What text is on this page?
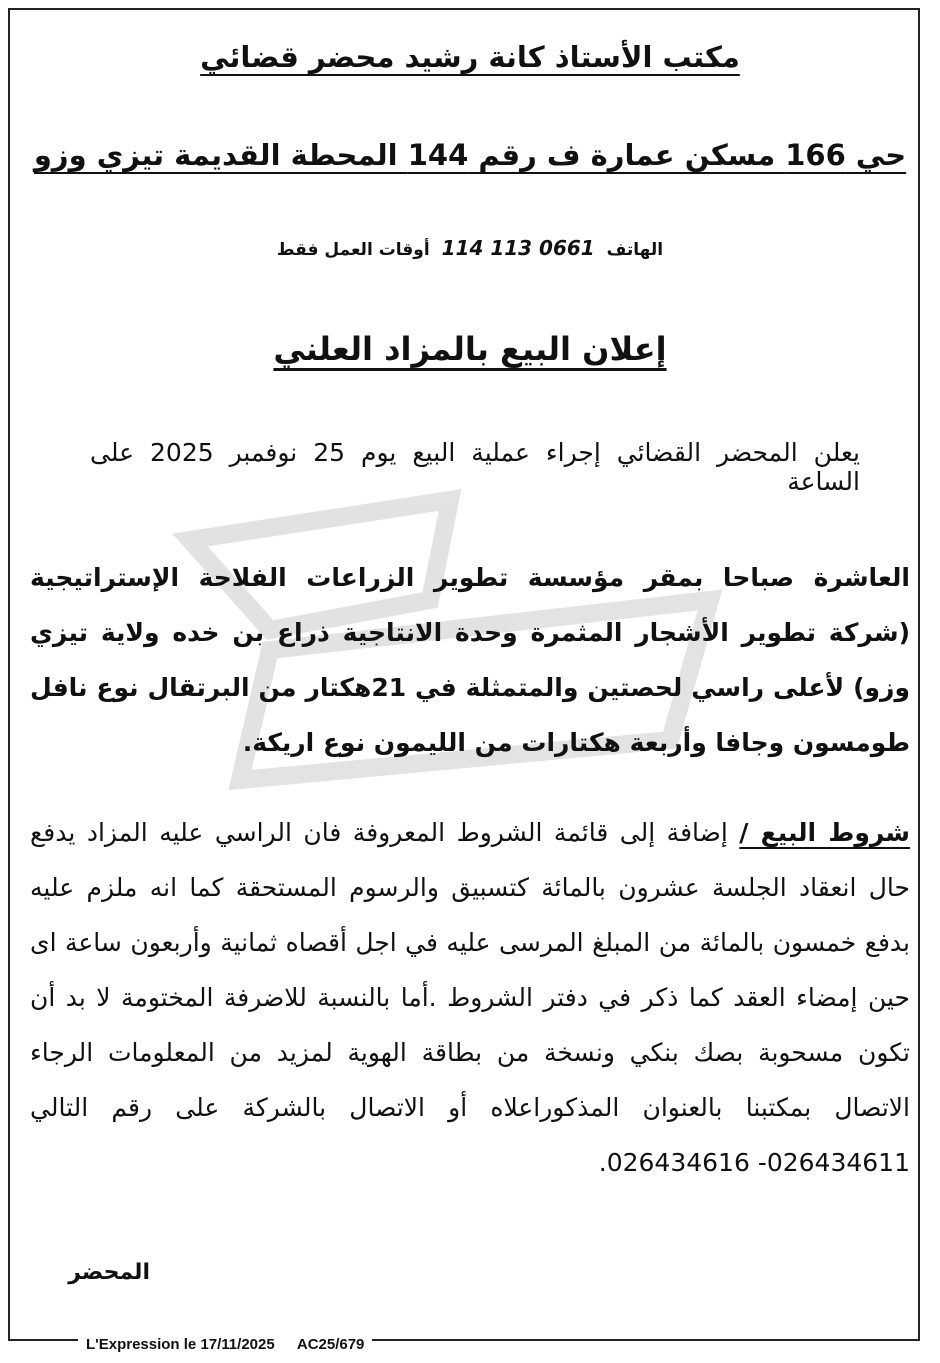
مكتب الأستاذ كانة رشيد محضر قضائي
حي 166 مسكن عمارة ف رقم 144 المحطة القديمة تيزي وزو
الهاتف 0661 113 114 أوقات العمل فقط
إعلان البيع بالمزاد العلني
يعلن المحضر القضائي إجراء عملية البيع يوم 25 نوفمبر 2025 على الساعة
العاشرة صباحا بمقر مؤسسة تطوير الزراعات الفلاحة الإستراتيجية (شركة تطوير الأشجار المثمرة وحدة الانتاجية ذراع بن خده ولاية تيزي وزو) لأعلى راسي لحصتين والمتمثلة في 21هكتار من البرتقال نوع نافل طومسون وجافا وأربعة هكتارات من الليمون نوع اريكة.
شروط البيع / إضافة إلى قائمة الشروط المعروفة فان الراسي عليه المزاد يدفع حال انعقاد الجلسة عشرون بالمائة كتسبيق والرسوم المستحقة كما انه ملزم عليه بدفع خمسون بالمائة من المبلغ المرسى عليه في اجل أقصاه ثمانية وأربعون ساعة اى حين إمضاء العقد كما ذكر في دفتر الشروط .أما بالنسبة للاضرفة المختومة لا بد أن تكون مسحوبة بصك بنكي ونسخة من بطاقة الهوية لمزيد من المعلومات الرجاء الاتصال بمكتبنا بالعنوان المذكوراعلاه أو الاتصال بالشركة على رقم التالي 026434611- 026434616.
المحضر
L'Expression le 17/11/2025 AC25/679
